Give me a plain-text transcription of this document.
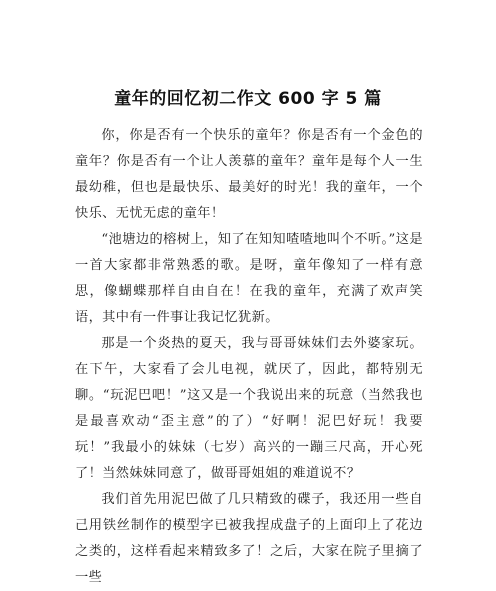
童年的回忆初二作文 600 字 5 篇

你，你是否有一个快乐的童年？你是否有一个金色的童年？你是否有一个让人羡慕的童年？童年是每个人一生最幼稚，但也是最快乐、最美好的时光！我的童年，一个快乐、无忧无虑的童年！

“池塘边的榕树上，知了在知知喳喳地叫个不听。”这是一首大家都非常熟悉的歌。是呀，童年像知了一样有意思，像蝴蝶那样自由自在！在我的童年，充满了欢声笑语，其中有一件事让我记忆犹新。

那是一个炎热的夏天，我与哥哥妹妹们去外婆家玩。在下午，大家看了会儿电视，就厌了，因此，都特别无聊。“玩泥巴吧！”这又是一个我说出来的玩意（当然我也是最喜欢动“歪主意”的了）“好啊！泥巴好玩！我要玩！”我最小的妹妹（七岁）高兴的一蹦三尺高，开心死了！当然妹妹同意了，做哥哥姐姐的难道说不？

我们首先用泥巴做了几只精致的碟子，我还用一些自己用铁丝制作的模型字已被我捏成盘子的上面印上了花边之类的，这样看起来精致多了！之后，大家在院子里摘了一些
